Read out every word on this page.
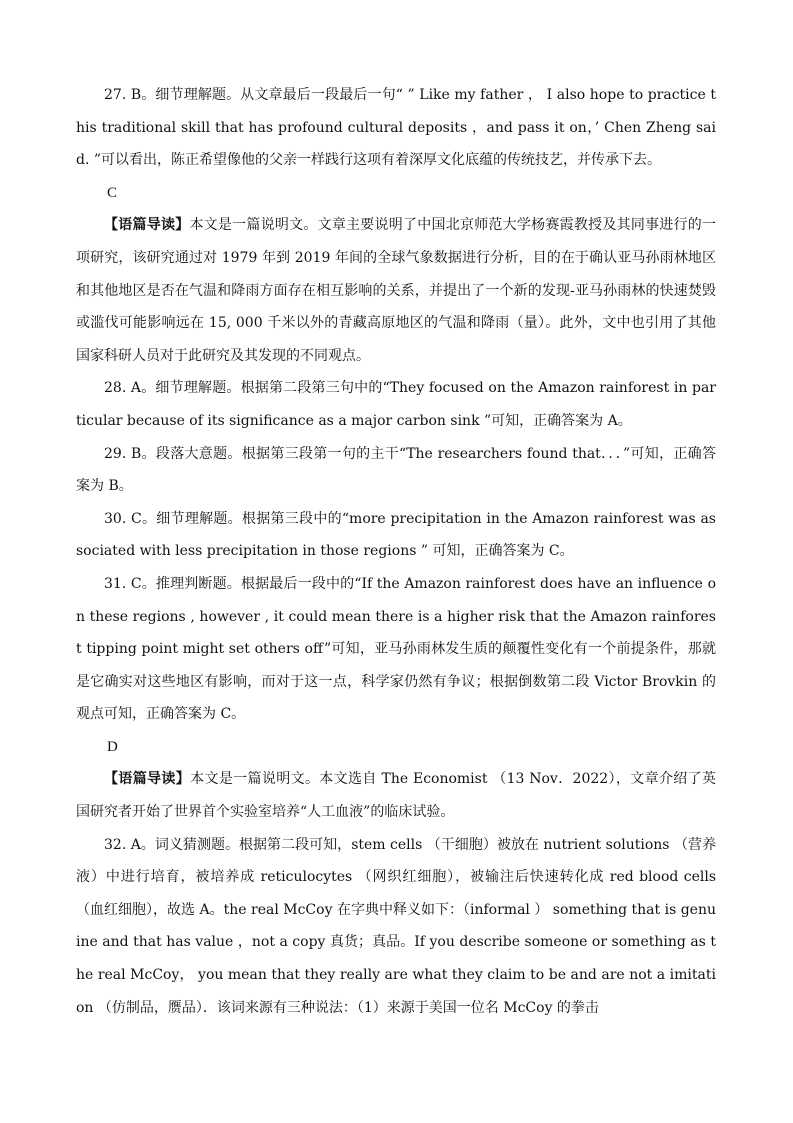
27. B。细节理解题。从文章最后一段最后一句“ ” Like my father ， I also hope to practice this traditional skill that has profound cultural deposits ，and pass it on，’ Chen Zheng said. ”可以看出，陈正希望像他的父亲一样践行这项有着深厚文化底蕴的传统技艺，并传承下去。

C

【语篇导读】本文是一篇说明文。文章主要说明了中国北京师范大学杨赛霞教授及其同事进行的一项研究，该研究通过对 1979 年到 2019 年间的全球气象数据进行分析，目的在于确认亚马孙雨林地区和其他地区是否在气温和降雨方面存在相互影响的关系，并提出了一个新的发现-亚马孙雨林的快速焚毁或滥伐可能影响远在 15, 000 千米以外的青藏高原地区的气温和降雨（量）。此外，文中也引用了其他国家科研人员对于此研究及其发现的不同观点。

28. A。细节理解题。根据第二段第三句中的“They focused on the Amazon rainforest in particular because of its significance as a major carbon sink ”可知，正确答案为 A。

29. B。段落大意题。根据第三段第一句的主干“The researchers found that．．．”可知，正确答案为 B。

30. C。细节理解题。根据第三段中的“more precipitation in the Amazon rainforest was associated with less precipitation in those regions ” 可知，正确答案为 C。

31. C。推理判断题。根据最后一段中的“If the Amazon rainforest does have an influence on these regions , however , it could mean there is a higher risk that the Amazon rainforest tipping point might set others off”可知，亚马孙雨林发生质的颠覆性变化有一个前提条件，那就是它确实对这些地区有影响，而对于这一点，科学家仍然有争议；根据倒数第二段 Victor Brovkin 的观点可知，正确答案为 C。

D

【语篇导读】本文是一篇说明文。本文选自 The Economist （13 Nov．2022），文章介绍了英国研究者开始了世界首个实验室培养“人工血液”的临床试验。

32. A。词义猜测题。根据第二段可知，stem cells （干细胞）被放在 nutrient solutions （营养液）中进行培育，被培养成 reticulocytes （网织红细胞），被输注后快速转化成 red blood cells （血红细胞），故选 A。the real McCoy 在字典中释义如下：（informal ） something that is genuine and that has value ，not a copy 真货；真品。If you describe someone or something as the real McCoy， you mean that they really are what they claim to be and are not a imitation （仿制品，赝品）．该词来源有三种说法：（1）来源于美国一位名 McCoy 的拳击
